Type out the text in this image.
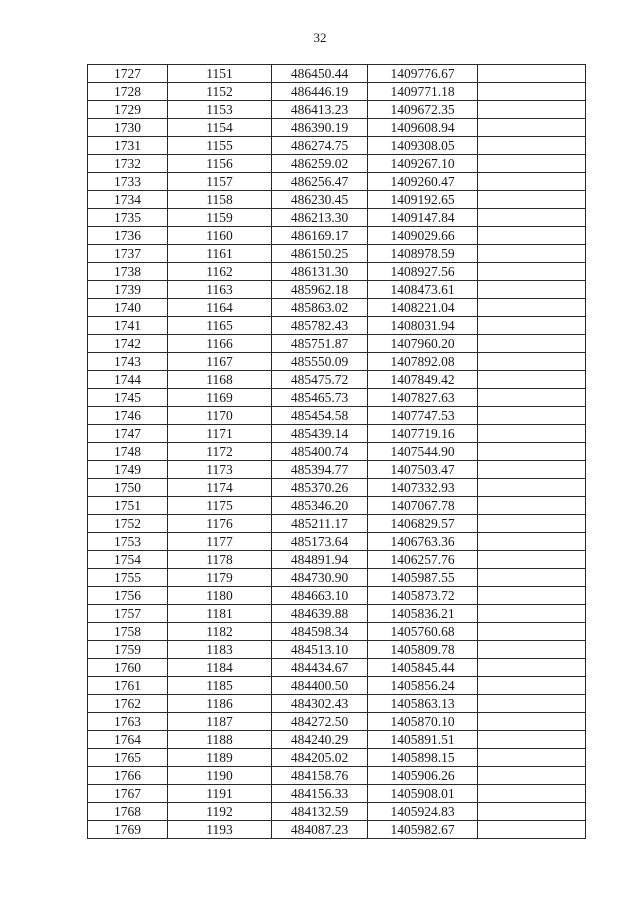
32
1727	1151	486450.44	1409776.67	
1728	1152	486446.19	1409771.18	
1729	1153	486413.23	1409672.35	
1730	1154	486390.19	1409608.94	
1731	1155	486274.75	1409308.05	
1732	1156	486259.02	1409267.10	
1733	1157	486256.47	1409260.47	
1734	1158	486230.45	1409192.65	
1735	1159	486213.30	1409147.84	
1736	1160	486169.17	1409029.66	
1737	1161	486150.25	1408978.59	
1738	1162	486131.30	1408927.56	
1739	1163	485962.18	1408473.61	
1740	1164	485863.02	1408221.04	
1741	1165	485782.43	1408031.94	
1742	1166	485751.87	1407960.20	
1743	1167	485550.09	1407892.08	
1744	1168	485475.72	1407849.42	
1745	1169	485465.73	1407827.63	
1746	1170	485454.58	1407747.53	
1747	1171	485439.14	1407719.16	
1748	1172	485400.74	1407544.90	
1749	1173	485394.77	1407503.47	
1750	1174	485370.26	1407332.93	
1751	1175	485346.20	1407067.78	
1752	1176	485211.17	1406829.57	
1753	1177	485173.64	1406763.36	
1754	1178	484891.94	1406257.76	
1755	1179	484730.90	1405987.55	
1756	1180	484663.10	1405873.72	
1757	1181	484639.88	1405836.21	
1758	1182	484598.34	1405760.68	
1759	1183	484513.10	1405809.78	
1760	1184	484434.67	1405845.44	
1761	1185	484400.50	1405856.24	
1762	1186	484302.43	1405863.13	
1763	1187	484272.50	1405870.10	
1764	1188	484240.29	1405891.51	
1765	1189	484205.02	1405898.15	
1766	1190	484158.76	1405906.26	
1767	1191	484156.33	1405908.01	
1768	1192	484132.59	1405924.83	
1769	1193	484087.23	1405982.67	
